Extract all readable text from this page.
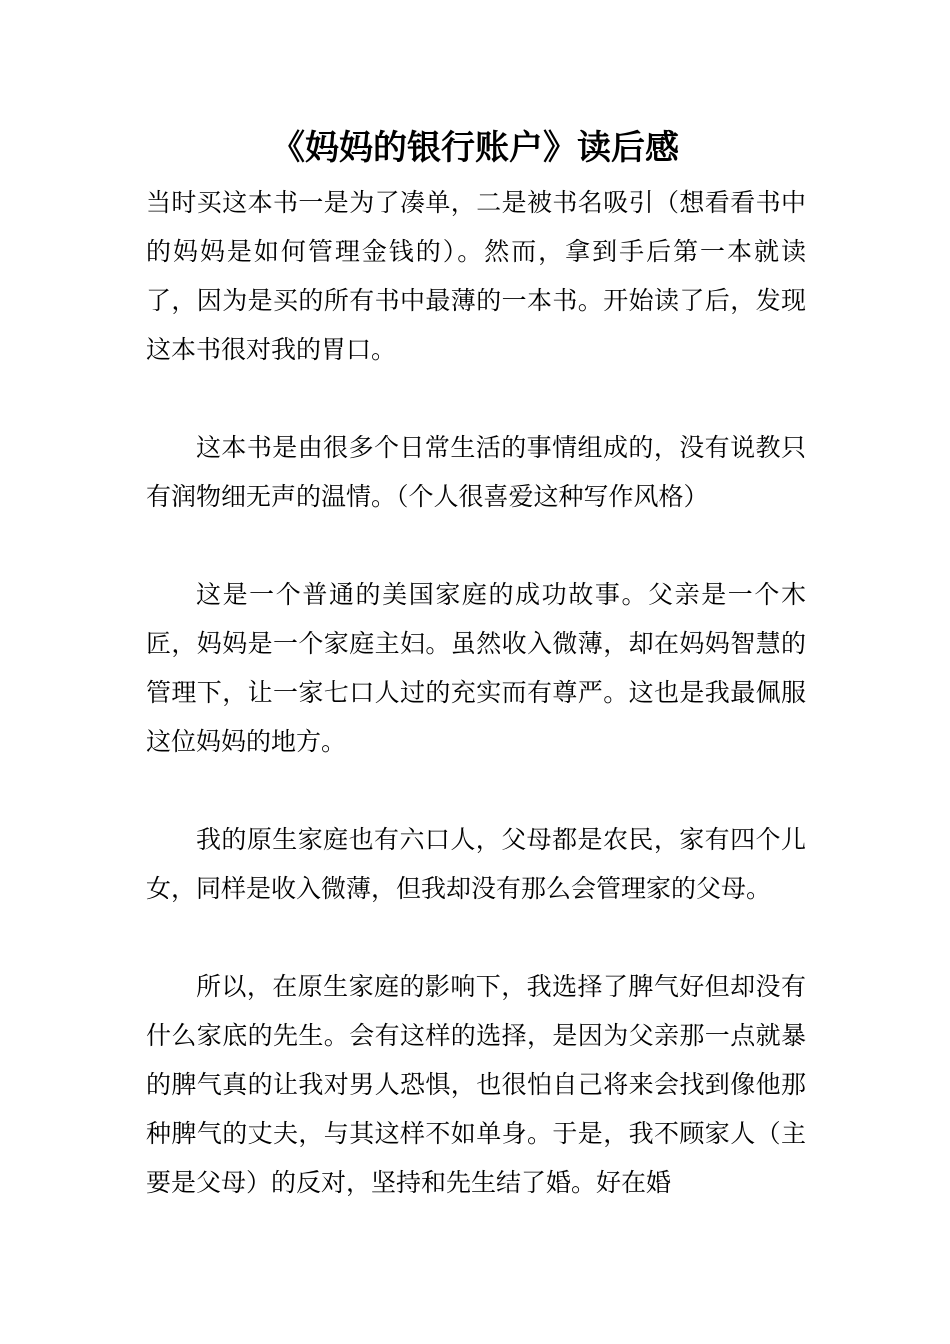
《妈妈的银行账户》读后感

当时买这本书一是为了凑单，二是被书名吸引（想看看书中的妈妈是如何管理金钱的）。然而，拿到手后第一本就读了，因为是买的所有书中最薄的一本书。开始读了后，发现这本书很对我的胃口。

这本书是由很多个日常生活的事情组成的，没有说教只有润物细无声的温情。（个人很喜爱这种写作风格）

这是一个普通的美国家庭的成功故事。父亲是一个木匠，妈妈是一个家庭主妇。虽然收入微薄，却在妈妈智慧的管理下，让一家七口人过的充实而有尊严。这也是我最佩服这位妈妈的地方。

我的原生家庭也有六口人，父母都是农民，家有四个儿女，同样是收入微薄，但我却没有那么会管理家的父母。

所以，在原生家庭的影响下，我选择了脾气好但却没有什么家底的先生。会有这样的选择，是因为父亲那一点就暴的脾气真的让我对男人恐惧，也很怕自己将来会找到像他那种脾气的丈夫，与其这样不如单身。于是，我不顾家人（主要是父母）的反对，坚持和先生结了婚。好在婚
